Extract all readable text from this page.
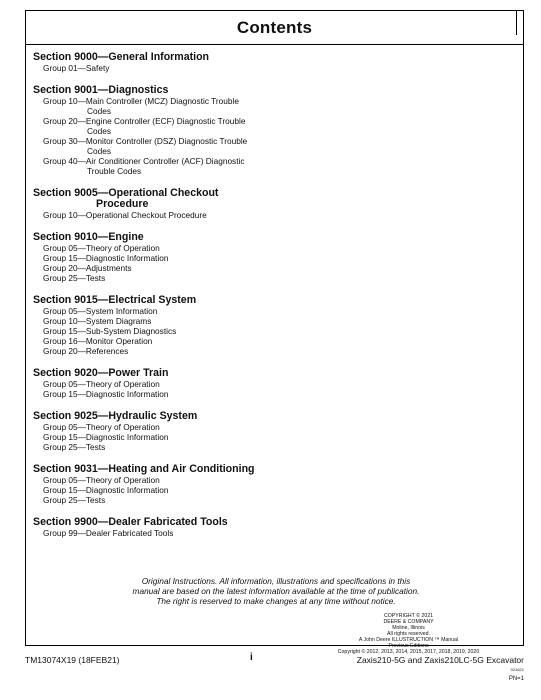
Contents
Section 9000—General Information
Group 01—Safety
Section 9001—Diagnostics
Group 10—Main Controller (MCZ) Diagnostic Trouble
Codes
Group 20—Engine Controller (ECF) Diagnostic Trouble
Codes
Group 30—Monitor Controller (DSZ) Diagnostic Trouble
Codes
Group 40—Air Conditioner Controller (ACF) Diagnostic
Trouble Codes
Section 9005—Operational Checkout
Procedure
Group 10—Operational Checkout Procedure
Section 9010—Engine
Group 05—Theory of Operation
Group 15—Diagnostic Information
Group 20—Adjustments
Group 25—Tests
Section 9015—Electrical System
Group 05—System Information
Group 10—System Diagrams
Group 15—Sub-System Diagnostics
Group 16—Monitor Operation
Group 20—References
Section 9020—Power Train
Group 05—Theory of Operation
Group 15—Diagnostic Information
Section 9025—Hydraulic System
Group 05—Theory of Operation
Group 15—Diagnostic Information
Group 25—Tests
Section 9031—Heating and Air Conditioning
Group 05—Theory of Operation
Group 15—Diagnostic Information
Group 25—Tests
Section 9900—Dealer Fabricated Tools
Group 99—Dealer Fabricated Tools
Original Instructions. All information, illustrations and specifications in this
manual are based on the latest information available at the time of publication.
The right is reserved to make changes at any time without notice.
COPYRIGHT © 2021
DEERE & COMPANY
Moline, Illinois
All rights reserved.
A John Deere ILLUSTRUCTION ™ Manual
Previous Editions
Copyright © 2012, 2013, 2014, 2015, 2017, 2018, 2019, 2020
TM13074X19 (18FEB21)	i	Zaxis210-5G and Zaxis210LC-5G Excavator
021621
PN=1
